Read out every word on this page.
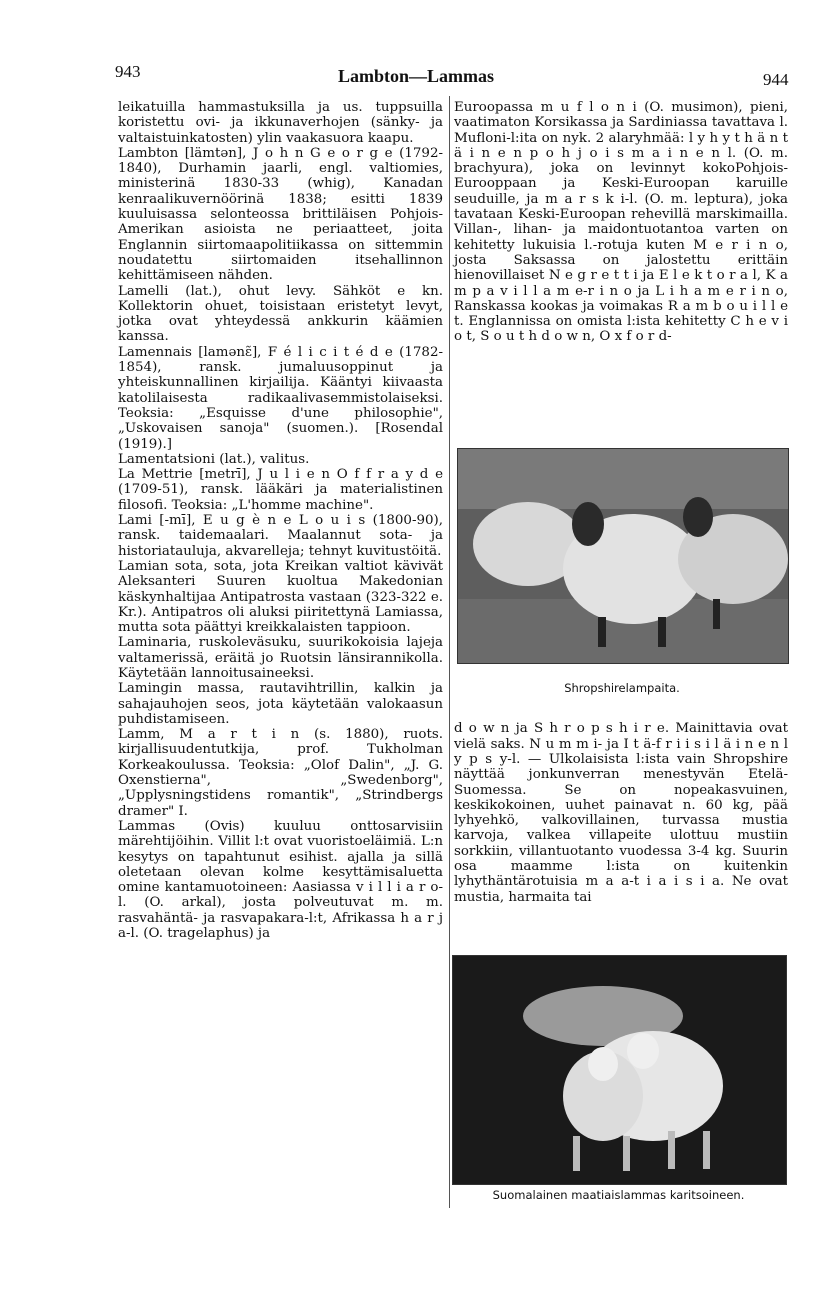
943	Lambton—Lammas	944

leikatuilla hammastuksilla ja us. tuppsuilla koristettu ovi- ja ikkunaverhojen (sänky- ja valtaistuinkatosten) ylin vaakasuora kaapu.

Lambton [lämtən], J o h n G e o r g e (1792-1840), Durhamin jaarli, engl. valtiomies, ministerinä 1830-33 (whig), Kanadan kenraalikuvernöörinä 1838; esitti 1839 kuuluisassa selonteossa brittiläisen Pohjois-Amerikan asioista ne periaatteet, joita Englannin siirtomaapolitiikassa on sittemmin noudatettu siirtomaiden itsehallinnon kehittämiseen nähden.

Lamelli (lat.), ohut levy. Sähköt e kn. Kollektorin ohuet, toisistaan eristetyt levyt, jotka ovat yhteydessä ankkurin käämien kanssa.

Lamennais [lamənɛ̃], F é l i c i t é d e (1782-1854), ransk. jumaluusoppinut ja yhteiskunnallinen kirjailija. Kääntyi kiivaasta katolilaisesta radikaalivasemmistolaiseksi. Teoksia: „Esquisse d'une philosophie", „Uskovaisen sanoja" (suomen.). [Rosendal (1919).]

Lamentatsioni (lat.), valitus.

La Mettrie [metrī], J u l i e n O f f r a y d e (1709-51), ransk. lääkäri ja materialistinen filosofi. Teoksia: „L'homme machine".

Lami [-mī], E u g è n e L o u i s (1800-90), ransk. taidemaalari. Maalannut sota- ja historiatauluja, akvarelleja; tehnyt kuvitustöitä.

Lamian sota, sota, jota Kreikan valtiot kävivät Aleksanteri Suuren kuoltua Makedonian käskynhaltijaa Antipatrosta vastaan (323-322 e. Kr.). Antipatros oli aluksi piiritettynä Lamiassa, mutta sota päättyi kreikkalaisten tappioon.

Laminaria, ruskoleväsuku, suurikokoisia lajeja valtamerissä, eräitä jo Ruotsin länsirannikolla. Käytetään lannoitusaineeksi.

Lamingin massa, rautavihtrillin, kalkin ja sahajauhojen seos, jota käytetään valokaasun puhdistamiseen.

Lamm, M a r t i n (s. 1880), ruots. kirjallisuudentutkija, prof. Tukholman Korkeakoulussa. Teoksia: „Olof Dalin", „J. G. Oxenstierna", „Swedenborg", „Upplysningstidens romantik", „Strindbergs dramer" I.

Lammas (Ovis) kuuluu onttosarvisiin märehtijöihin. Villit l:t ovat vuoristoeläimiä. L:n kesytys on tapahtunut esihist. ajalla ja sillä oletetaan olevan kolme kesyttämisaluetta omine kantamuotoineen: Aasiassa v i l l i a r o-l. (O. arkal), josta polveutuvat m. m. rasvahäntä- ja rasvapakara-l:t, Afrikassa h a r j a-l. (O. tragelaphus) ja

Euroopassa m u f l o n i (O. musimon), pieni, vaatimaton Korsikassa ja Sardiniassa tavattava l. Mufloni-l:ita on nyk. 2 alaryhmää: l y h y t h ä n t ä i n e n p o h j o i s m a i n e n l. (O. m. brachyura), joka on levinnyt kokoPohjois-Eurooppaan ja Keski-Euroopan karuille seuduille, ja m a r s k i-l. (O. m. leptura), joka tavataan Keski-Euroopan rehevillä marskimailla. Villan-, lihan- ja maidontuotantoa varten on kehitetty lukuisia l.-rotuja kuten M e r i n o, josta Saksassa on jalostettu erittäin hienovillaiset N e g r e t t i ja E l e k t o r a l, K a m p a v i l l a m e-r i n o ja L i h a m e r i n o, Ranskassa kookas ja voimakas R a m b o u i l l e t. Englannissa on omista l:ista kehitetty C h e v i o t, S o u t h d o w n, O x f o r d-

Shropshirelampaita.

d o w n ja S h r o p s h i r e. Mainittavia ovat vielä saks. N u m m i- ja I t ä-f r i i s i l ä i n e n l y p s y-l. — Ulkolaisista l:ista vain Shropshire näyttää jonkunverran menestyvän Etelä-Suomessa. Se on nopeakasvuinen, keskikokoinen, uuhet painavat n. 60 kg, pää lyhyehkö, valkovillainen, turvassa mustia karvoja, valkea villapeite ulottuu mustiin sorkkiin, villantuotanto vuodessa 3-4 kg. Suurin osa maamme l:ista on kuitenkin lyhythäntärotuisia m a a-t i a i s i a. Ne ovat mustia, harmaita tai

Suomalainen maatiaislammas karitsoineen.
